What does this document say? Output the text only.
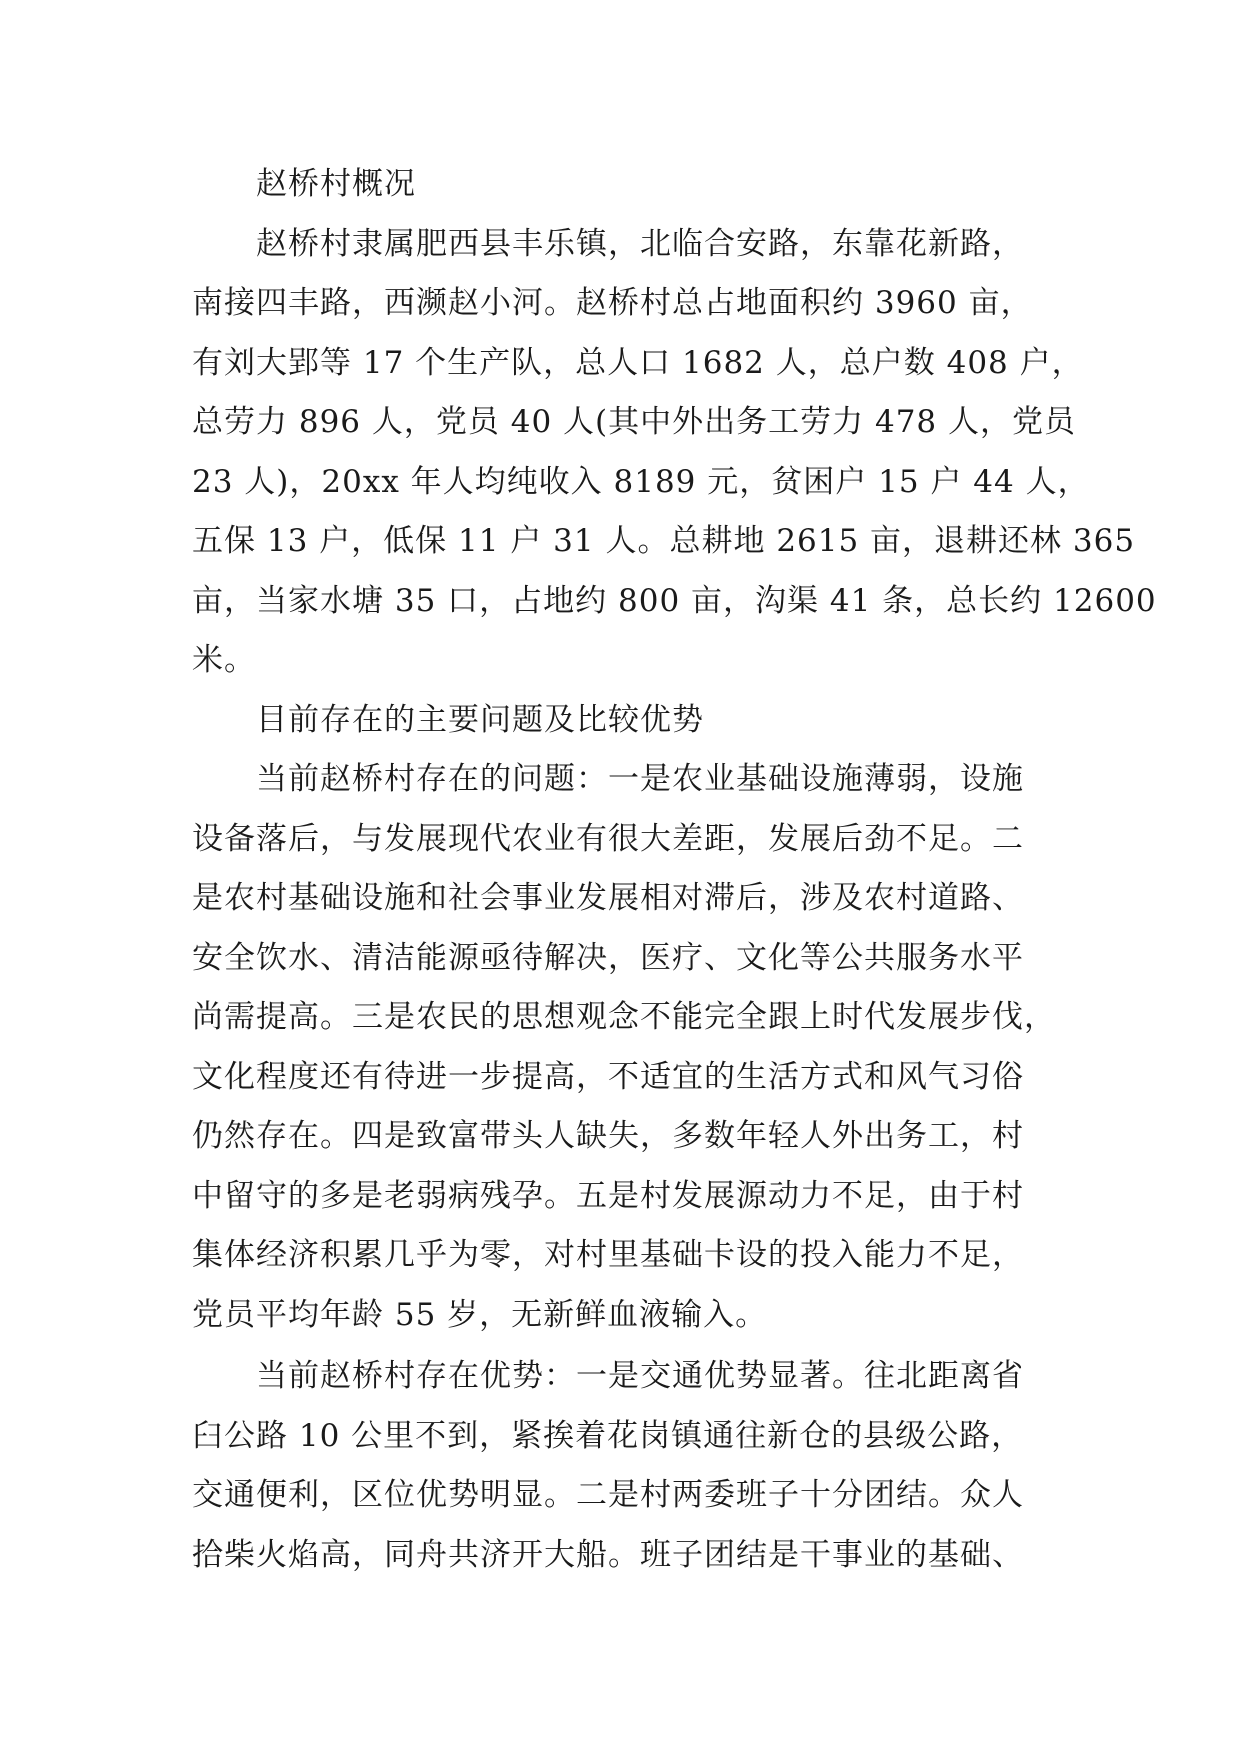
赵桥村概况
赵桥村隶属肥西县丰乐镇，北临合安路，东靠花新路，
南接四丰路，西濒赵小河。赵桥村总占地面积约 3960 亩，
有刘大郢等 17 个生产队，总人口 1682 人，总户数 408 户，
总劳力 896 人，党员 40 人(其中外出务工劳力 478 人，党员
23 人)，20xx 年人均纯收入 8189 元，贫困户 15 户 44 人，
五保 13 户，低保 11 户 31 人。总耕地 2615 亩，退耕还林 365
亩，当家水塘 35 口，占地约 800 亩，沟渠 41 条，总长约 12600
米。
目前存在的主要问题及比较优势
当前赵桥村存在的问题：一是农业基础设施薄弱，设施
设备落后，与发展现代农业有很大差距，发展后劲不足。二
是农村基础设施和社会事业发展相对滞后，涉及农村道路、
安全饮水、清洁能源亟待解决，医疗、文化等公共服务水平
尚需提高。三是农民的思想观念不能完全跟上时代发展步伐，
文化程度还有待进一步提高，不适宜的生活方式和风气习俗
仍然存在。四是致富带头人缺失，多数年轻人外出务工，村
中留守的多是老弱病残孕。五是村发展源动力不足，由于村
集体经济积累几乎为零，对村里基础卡设的投入能力不足，
党员平均年龄 55 岁，无新鲜血液输入。
当前赵桥村存在优势：一是交通优势显著。往北距离省
臼公路 10 公里不到，紧挨着花岗镇通往新仓的县级公路，
交通便利，区位优势明显。二是村两委班子十分团结。众人
拾柴火焰高，同舟共济开大船。班子团结是干事业的基础、
